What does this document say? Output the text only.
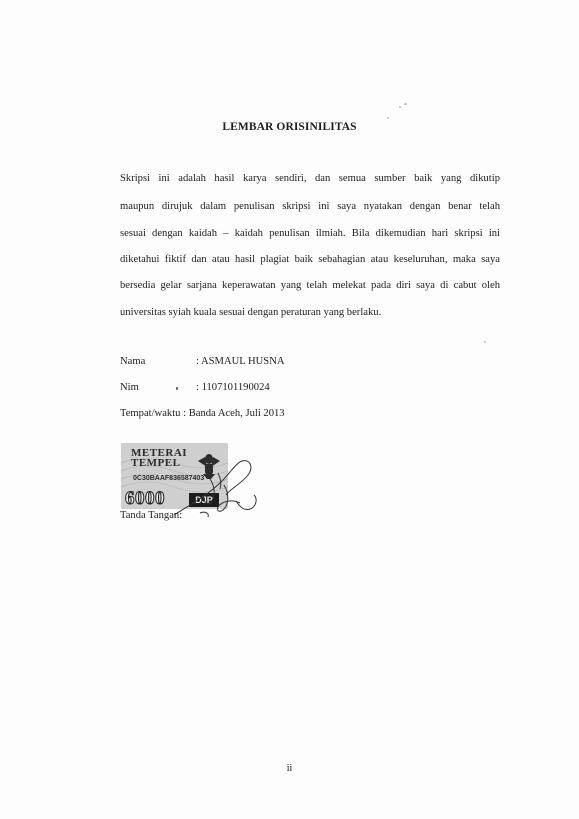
LEMBAR ORISINILITAS
Skripsi ini adalah hasil karya sendiri, dan semua sumber baik yang dikutip
maupun dirujuk dalam penulisan skripsi ini saya nyatakan dengan benar telah
sesuai dengan kaidah – kaidah penulisan ilmiah. Bila dikemudian hari skripsi ini
diketahui fiktif dan atau hasil plagiat baik sebahagian atau keseluruhan, maka saya
bersedia gelar sarjana keperawatan yang telah melekat pada diri saya di cabut oleh
universitas syiah kuala sesuai dengan peraturan yang berlaku.
Nama	: ASMAUL HUSNA
Nim	: 1107101190024
Tempat/waktu : Banda Aceh, Juli 2013
METERAI
TEMPEL
0C30BAAF836587403
6000	DJP
Tanda Tangan:
ii
